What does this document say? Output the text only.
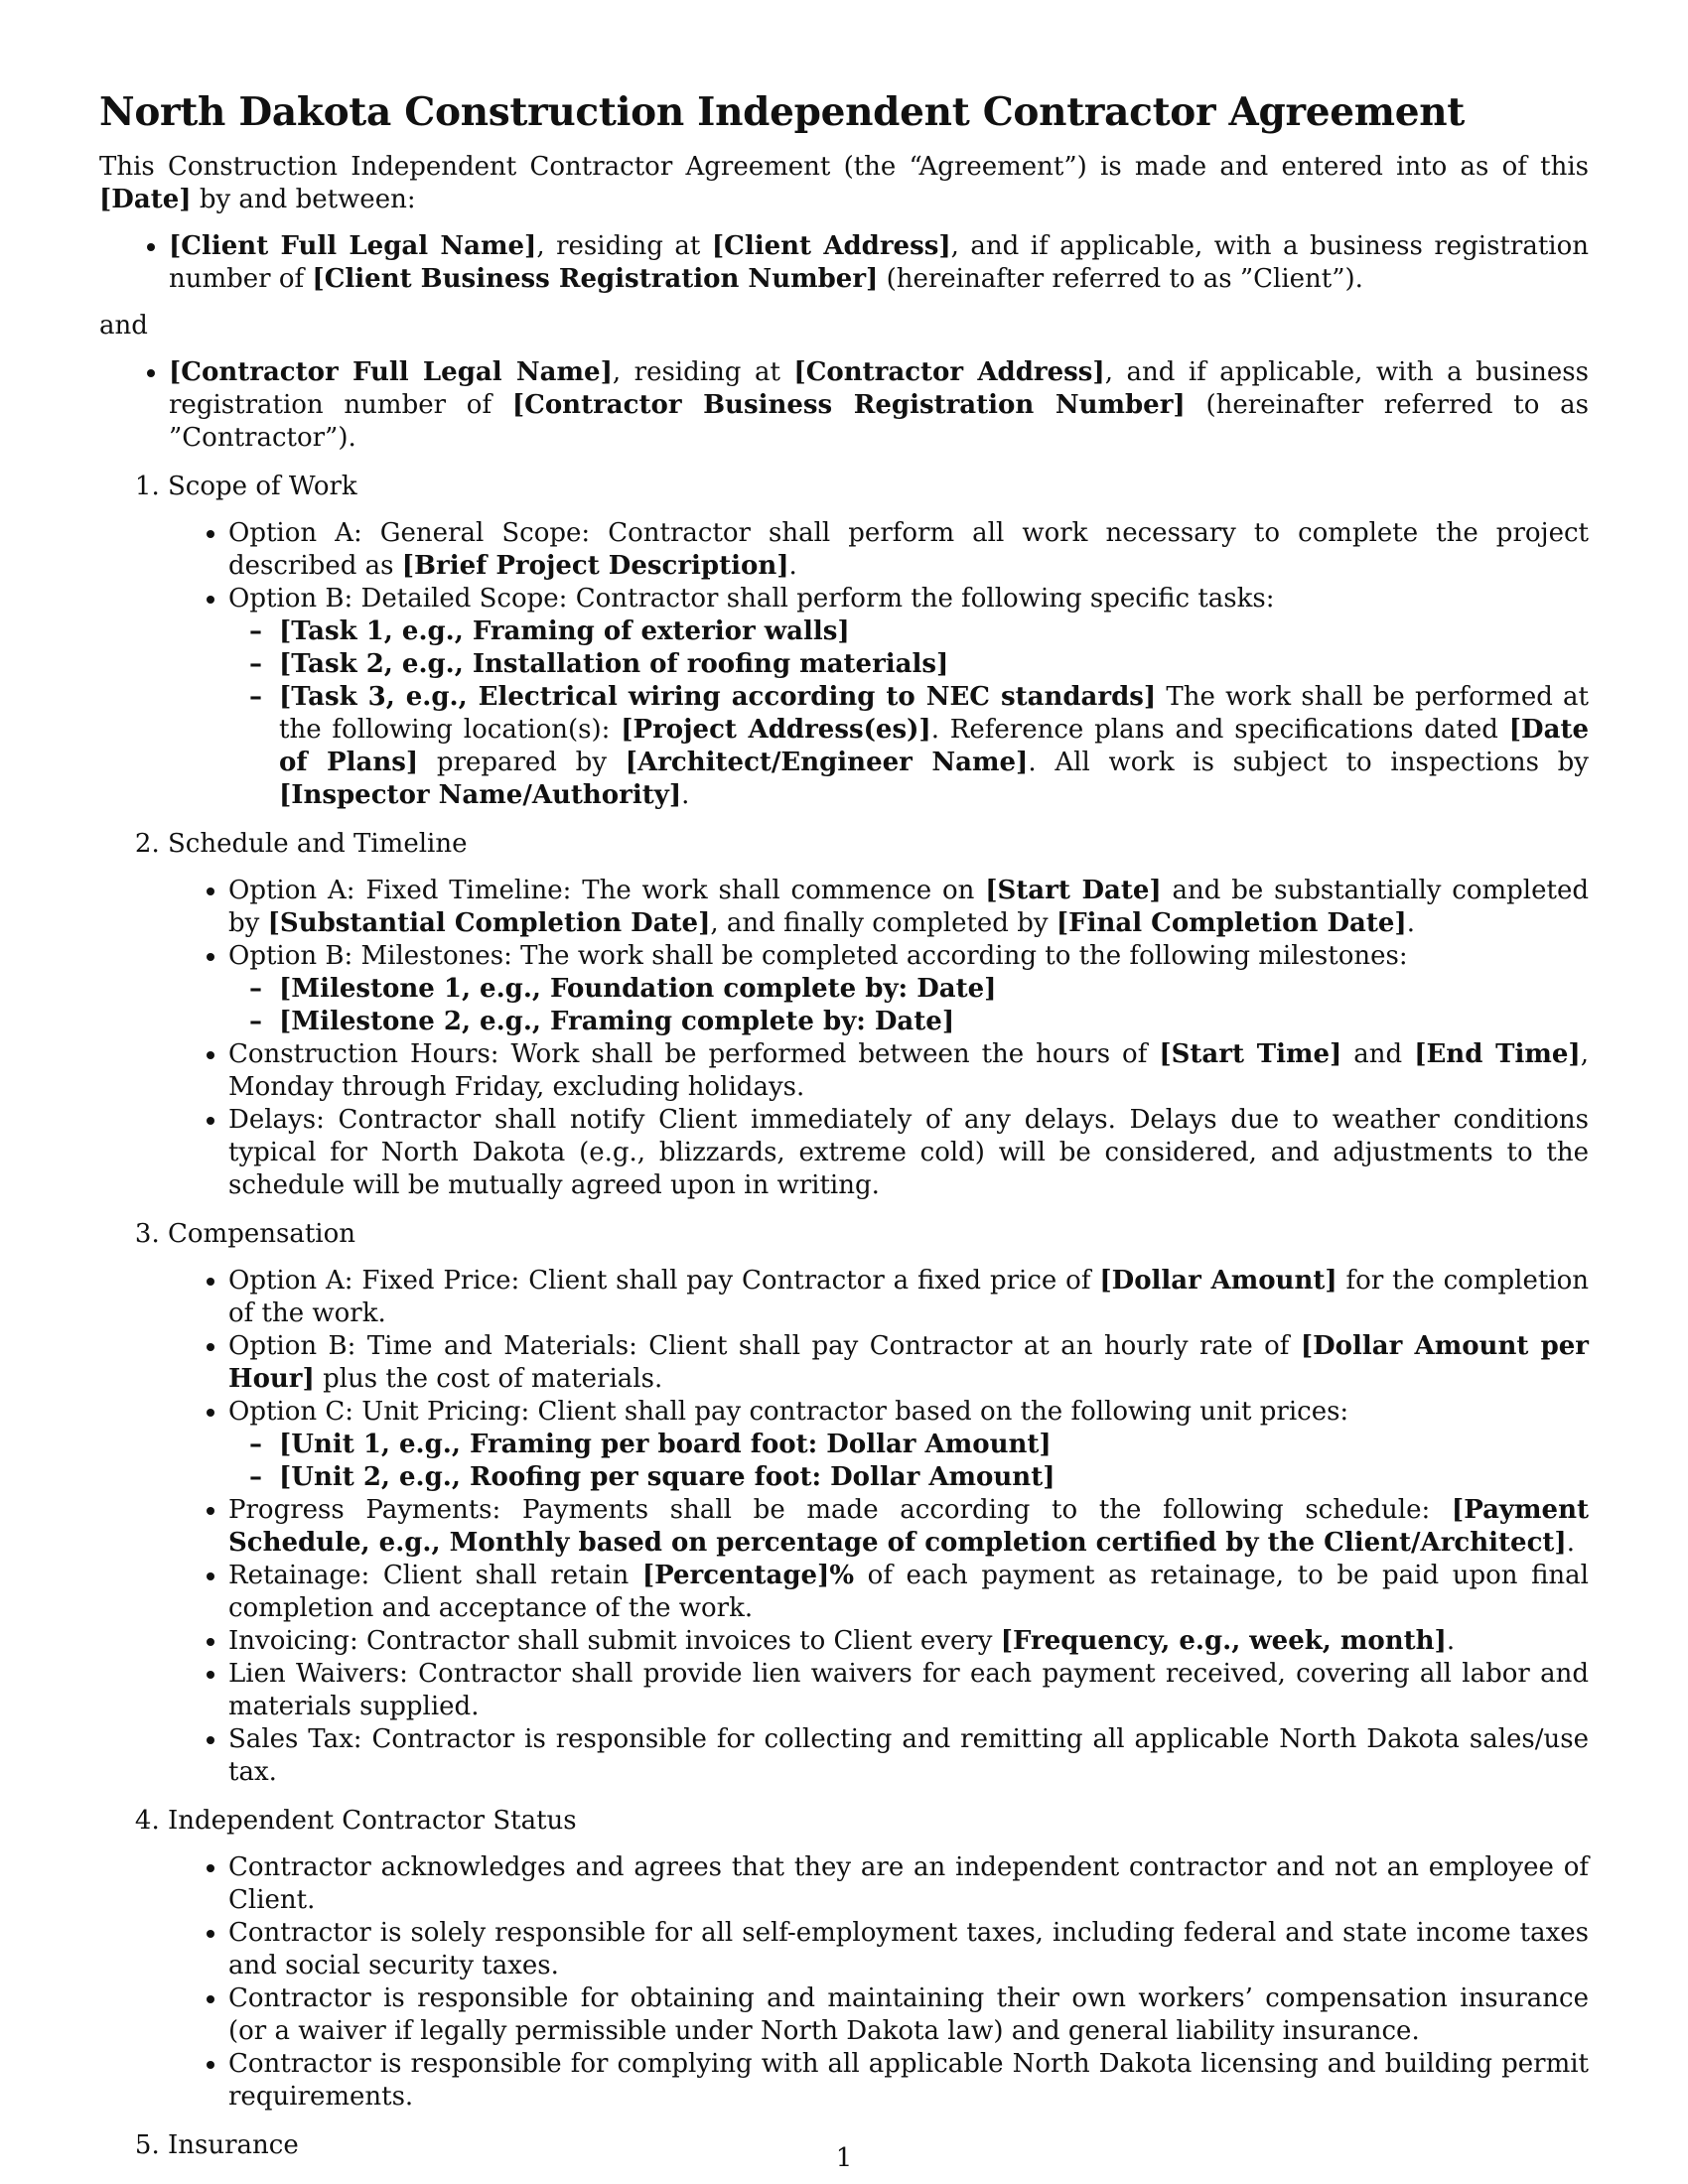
North Dakota Construction Independent Contractor Agreement

This Construction Independent Contractor Agreement (the “Agreement”) is made and entered into as of this [Date] by and between:

• [Client Full Legal Name], residing at [Client Address], and if applicable, with a business registration number of [Client Business Registration Number] (hereinafter referred to as ”Client”).

and

• [Contractor Full Legal Name], residing at [Contractor Address], and if applicable, with a business registration number of [Contractor Business Registration Number] (hereinafter referred to as ”Contractor”).
1. Scope of Work
• Option A: General Scope: Contractor shall perform all work necessary to complete the project described as [Brief Project Description].
• Option B: Detailed Scope: Contractor shall perform the following specific tasks:
– [Task 1, e.g., Framing of exterior walls]
– [Task 2, e.g., Installation of roofing materials]
– [Task 3, e.g., Electrical wiring according to NEC standards] The work shall be performed at the following location(s): [Project Address(es)]. Reference plans and specifications dated [Date of Plans] prepared by [Architect/Engineer Name]. All work is subject to inspections by [Inspector Name/Authority].
2. Schedule and Timeline
• Option A: Fixed Timeline: The work shall commence on [Start Date] and be substantially completed by [Substantial Completion Date], and finally completed by [Final Completion Date].
• Option B: Milestones: The work shall be completed according to the following milestones:
– [Milestone 1, e.g., Foundation complete by: Date]
– [Milestone 2, e.g., Framing complete by: Date]
• Construction Hours: Work shall be performed between the hours of [Start Time] and [End Time], Monday through Friday, excluding holidays.
• Delays: Contractor shall notify Client immediately of any delays. Delays due to weather conditions typical for North Dakota (e.g., blizzards, extreme cold) will be considered, and adjustments to the schedule will be mutually agreed upon in writing.
3. Compensation
• Option A: Fixed Price: Client shall pay Contractor a fixed price of [Dollar Amount] for the completion of the work.
• Option B: Time and Materials: Client shall pay Contractor at an hourly rate of [Dollar Amount per Hour] plus the cost of materials.
• Option C: Unit Pricing: Client shall pay contractor based on the following unit prices:
– [Unit 1, e.g., Framing per board foot: Dollar Amount]
– [Unit 2, e.g., Roofing per square foot: Dollar Amount]
• Progress Payments: Payments shall be made according to the following schedule: [Payment Schedule, e.g., Monthly based on percentage of completion certified by the Client/Architect].
• Retainage: Client shall retain [Percentage]% of each payment as retainage, to be paid upon final completion and acceptance of the work.
• Invoicing: Contractor shall submit invoices to Client every [Frequency, e.g., week, month].
• Lien Waivers: Contractor shall provide lien waivers for each payment received, covering all labor and materials supplied.
• Sales Tax: Contractor is responsible for collecting and remitting all applicable North Dakota sales/use tax.
4. Independent Contractor Status
• Contractor acknowledges and agrees that they are an independent contractor and not an employee of Client.
• Contractor is solely responsible for all self-employment taxes, including federal and state income taxes and social security taxes.
• Contractor is responsible for obtaining and maintaining their own workers’ compensation insurance (or a waiver if legally permissible under North Dakota law) and general liability insurance.
• Contractor is responsible for complying with all applicable North Dakota licensing and building permit requirements.
5. Insurance	1
